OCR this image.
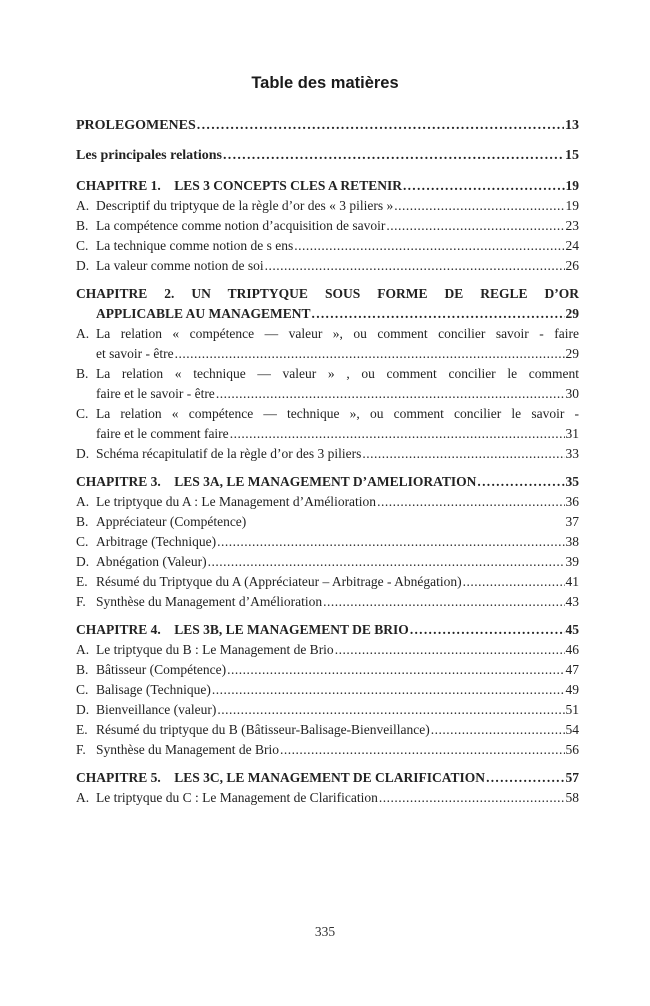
Table des matières
PROLEGOMENES .....	13
Les principales relations .....	15
CHAPITRE 1.    LES 3 CONCEPTS CLES A RETENIR .....	19
A. Descriptif du triptyque de la règle d’or des « 3 piliers » .....	19
B. La compétence comme notion d’acquisition de savoir .....	23
C. La technique comme notion de s ens .....	24
D. La valeur comme notion de soi .....	26
CHAPITRE 2. UN TRIPTYQUE SOUS FORME DE REGLE D’OR
APPLICABLE AU MANAGEMENT .....	29
A. La relation « compétence — valeur », ou comment concilier savoir - faire
et savoir - être .....	29
B. La relation « technique — valeur » , ou comment concilier le comment
faire et le savoir - être .....	30
C. La relation « compétence — technique », ou comment concilier le savoir -
faire et le comment faire .....	31
D. Schéma récapitulatif de la règle d’or des 3 piliers .....	33
CHAPITRE 3.    LES 3A, LE MANAGEMENT D’AMELIORATION .....	35
A. Le triptyque du A : Le Management d’Amélioration .....	36
B. Appréciateur (Compétence)	37
C. Arbitrage (Technique) .....	38
D. Abnégation (Valeur) .....	39
E. Résumé du Triptyque du A (Appréciateur – Arbitrage - Abnégation) .....	41
F. Synthèse du Management d’Amélioration .....	43
CHAPITRE 4.    LES 3B, LE MANAGEMENT DE BRIO .....	45
A. Le triptyque du B : Le Management de Brio .....	46
B. Bâtisseur (Compétence) .....	47
C. Balisage (Technique) .....	49
D. Bienveillance (valeur) .....	51
E. Résumé du triptyque du B (Bâtisseur-Balisage-Bienveillance) .....	54
F. Synthèse du Management de Brio .....	56
CHAPITRE 5.    LES 3C, LE MANAGEMENT DE CLARIFICATION .....	57
A. Le triptyque du C : Le Management de Clarification .....	58
335
